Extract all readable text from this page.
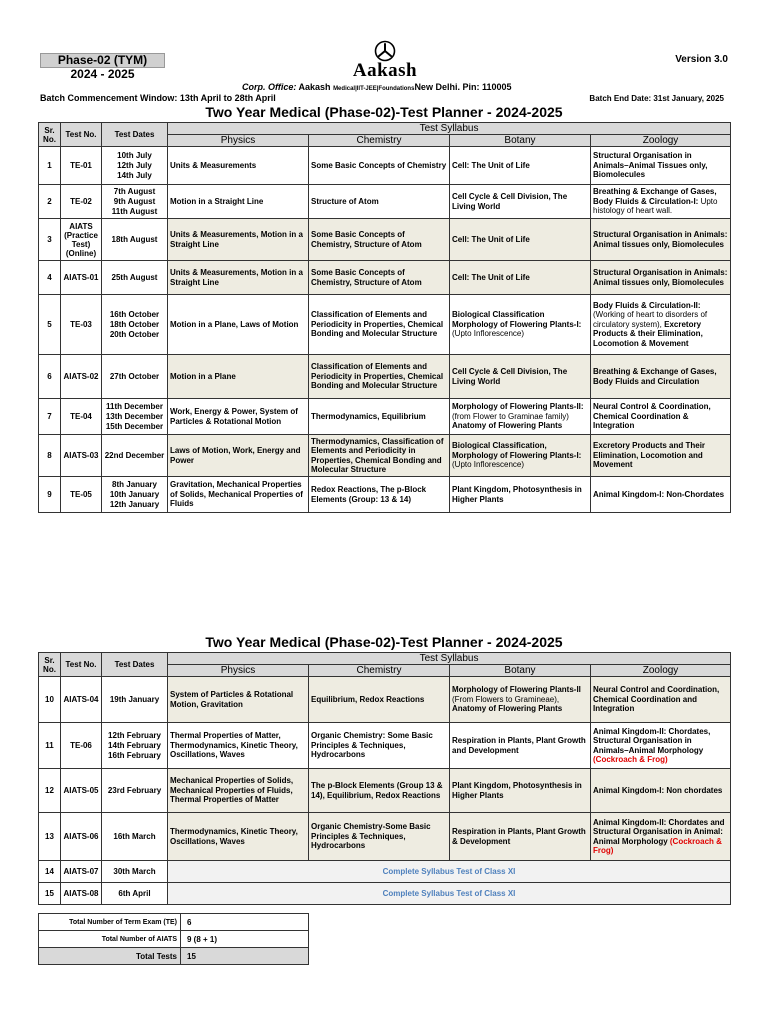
Phase-02 (TYM)
2024 - 2025
Version 3.0
Aakash
Corp. Office: Aakash Medical|IIT-JEE|FoundationsNew Delhi. Pin: 110005
Batch Commencement Window: 13th April to 28th April	Batch End Date: 31st January, 2025
Two Year Medical (Phase-02)-Test Planner - 2024-2025
Sr. No.	Test No.	Test Dates	Test Syllabus			
			Physics	Chemistry	Botany	Zoology
1	TE-01	10th July
12th July
14th July	Units & Measurements	Some Basic Concepts of Chemistry	Cell: The Unit of Life	Structural Organisation in Animals–Animal Tissues only, Biomolecules
2	TE-02	7th August
9th August
11th August	Motion in a Straight Line	Structure of Atom	Cell Cycle & Cell Division, The Living World	Breathing & Exchange of Gases, Body Fluids & Circulation-I: Upto histology of heart wall.
3	AIATS (Practice Test) (Online)	18th August	Units & Measurements, Motion in a Straight Line	Some Basic Concepts of Chemistry, Structure of Atom	Cell: The Unit of Life	Structural Organisation in Animals: Animal tissues only, Biomolecules
4	AIATS-01	25th August	Units & Measurements, Motion in a Straight Line	Some Basic Concepts of Chemistry, Structure of Atom	Cell: The Unit of Life	Structural Organisation in Animals: Animal tissues only, Biomolecules
5	TE-03	16th October
18th October
20th October	Motion in a Plane, Laws of Motion	Classification of Elements and Periodicity in Properties, Chemical Bonding and Molecular Structure	Biological Classification Morphology of Flowering Plants-I: (Upto Inflorescence)	Body Fluids & Circulation-II: (Working of heart to disorders of circulatory system), Excretory Products & their Elimination, Locomotion & Movement
6	AIATS-02	27th October	Motion in a Plane	Classification of Elements and Periodicity in Properties, Chemical Bonding and Molecular Structure	Cell Cycle & Cell Division, The Living World	Breathing & Exchange of Gases, Body Fluids and Circulation
7	TE-04	11th December
13th December
15th December	Work, Energy & Power, System of Particles & Rotational Motion	Thermodynamics, Equilibrium	Morphology of Flowering Plants-II: (from Flower to Graminae family) Anatomy of Flowering Plants	Neural Control & Coordination, Chemical Coordination & Integration
8	AIATS-03	22nd December	Laws of Motion, Work, Energy and Power	Thermodynamics, Classification of Elements and Periodicity in Properties, Chemical Bonding and Molecular Structure	Biological Classification, Morphology of Flowering Plants-I: (Upto Inflorescence)	Excretory Products and Their Elimination, Locomotion and Movement
9	TE-05	8th January
10th January
12th January	Gravitation, Mechanical Properties of Solids, Mechanical Properties of Fluids	Redox Reactions, The p-Block Elements (Group: 13 & 14)	Plant Kingdom, Photosynthesis in Higher Plants	Animal Kingdom-I: Non-Chordates
Two Year Medical (Phase-02)-Test Planner - 2024-2025
Sr. No.	Test No.	Test Dates	Test Syllabus			
			Physics	Chemistry	Botany	Zoology
10	AIATS-04	19th January	System of Particles & Rotational Motion, Gravitation	Equilibrium, Redox Reactions	Morphology of Flowering Plants-II (From Flowers to Gramineae), Anatomy of Flowering Plants	Neural Control and Coordination, Chemical Coordination and Integration
11	TE-06	12th February
14th February
16th February	Thermal Properties of Matter, Thermodynamics, Kinetic Theory, Oscillations, Waves	Organic Chemistry: Some Basic Principles & Techniques, Hydrocarbons	Respiration in Plants, Plant Growth and Development	Animal Kingdom-II: Chordates, Structural Organisation in Animals–Animal Morphology (Cockroach & Frog)
12	AIATS-05	23rd February	Mechanical Properties of Solids, Mechanical Properties of Fluids, Thermal Properties of Matter	The p-Block Elements (Group 13 & 14), Equilibrium, Redox Reactions	Plant Kingdom, Photosynthesis in Higher Plants	Animal Kingdom-I: Non chordates
13	AIATS-06	16th March	Thermodynamics, Kinetic Theory, Oscillations, Waves	Organic Chemistry-Some Basic Principles & Techniques, Hydrocarbons	Respiration in Plants, Plant Growth & Development	Animal Kingdom-II: Chordates and Structural Organisation in Animal: Animal Morphology (Cockroach & Frog)
14	AIATS-07	30th March	Complete Syllabus Test of Class XI			
15	AIATS-08	6th April	Complete Syllabus Test of Class XI			
Total Number of Term Exam (TE)	6
Total Number of AIATS	9 (8 + 1)
Total Tests	15
